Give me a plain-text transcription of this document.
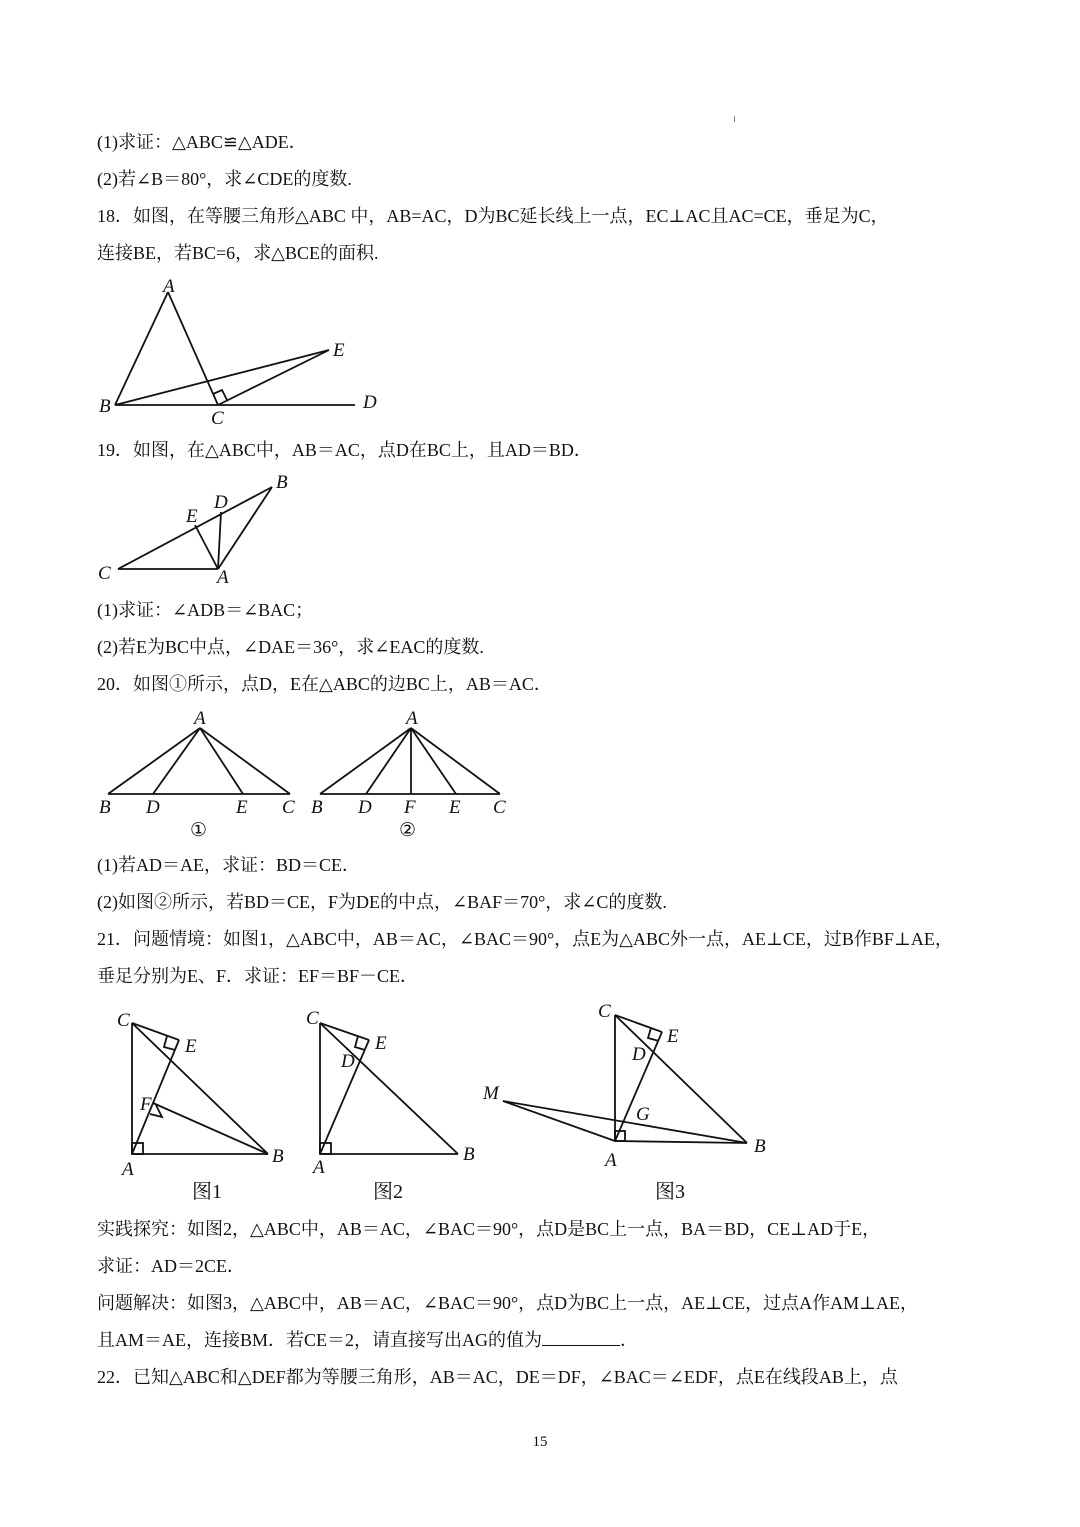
(1)求证：△ABC≌△ADE．
(2)若∠B＝80°，求∠CDE的度数.
18．如图，在等腰三角形△ABC 中，AB=AC，D为BC延长线上一点，EC⊥AC且AC=CE，垂足为C，
连接BE，若BC=6，求△BCE的面积.
A
B
C
D
E
19．如图，在△ABC中，AB＝AC，点D在BC上，且AD＝BD．
B
D
E
C	A
(1)求证：∠ADB＝∠BAC；
(2)若E为BC中点，∠DAE＝36°，求∠EAC的度数.
20．如图①所示，点D，E在△ABC的边BC上，AB＝AC．
A
B D	E C
①
A
B D F E C
②
(1)若AD＝AE，求证：BD＝CE．
(2)如图②所示，若BD＝CE，F为DE的中点，∠BAF＝70°，求∠C的度数.
21．问题情境：如图1，△ABC中，AB＝AC，∠BAC＝90°，点E为△ABC外一点，AE⊥CE，过B作BF⊥AE，
垂足分别为E、F．求证：EF＝BF－CE．
C
E
F
A
B
图1
C
E
D
A
B
图2
C
E
D
M
G
A
B
图3
实践探究：如图2，△ABC中，AB＝AC，∠BAC＝90°，点D是BC上一点，BA＝BD，CE⊥AD于E，
求证：AD＝2CE．
问题解决：如图3，△ABC中，AB＝AC，∠BAC＝90°，点D为BC上一点，AE⊥CE，过点A作AM⊥AE，
且AM＝AE，连接BM．若CE＝2，请直接写出AG的值为	．
22．已知△ABC和△DEF都为等腰三角形，AB＝AC，DE＝DF，∠BAC＝∠EDF，点E在线段AB上，点
15
